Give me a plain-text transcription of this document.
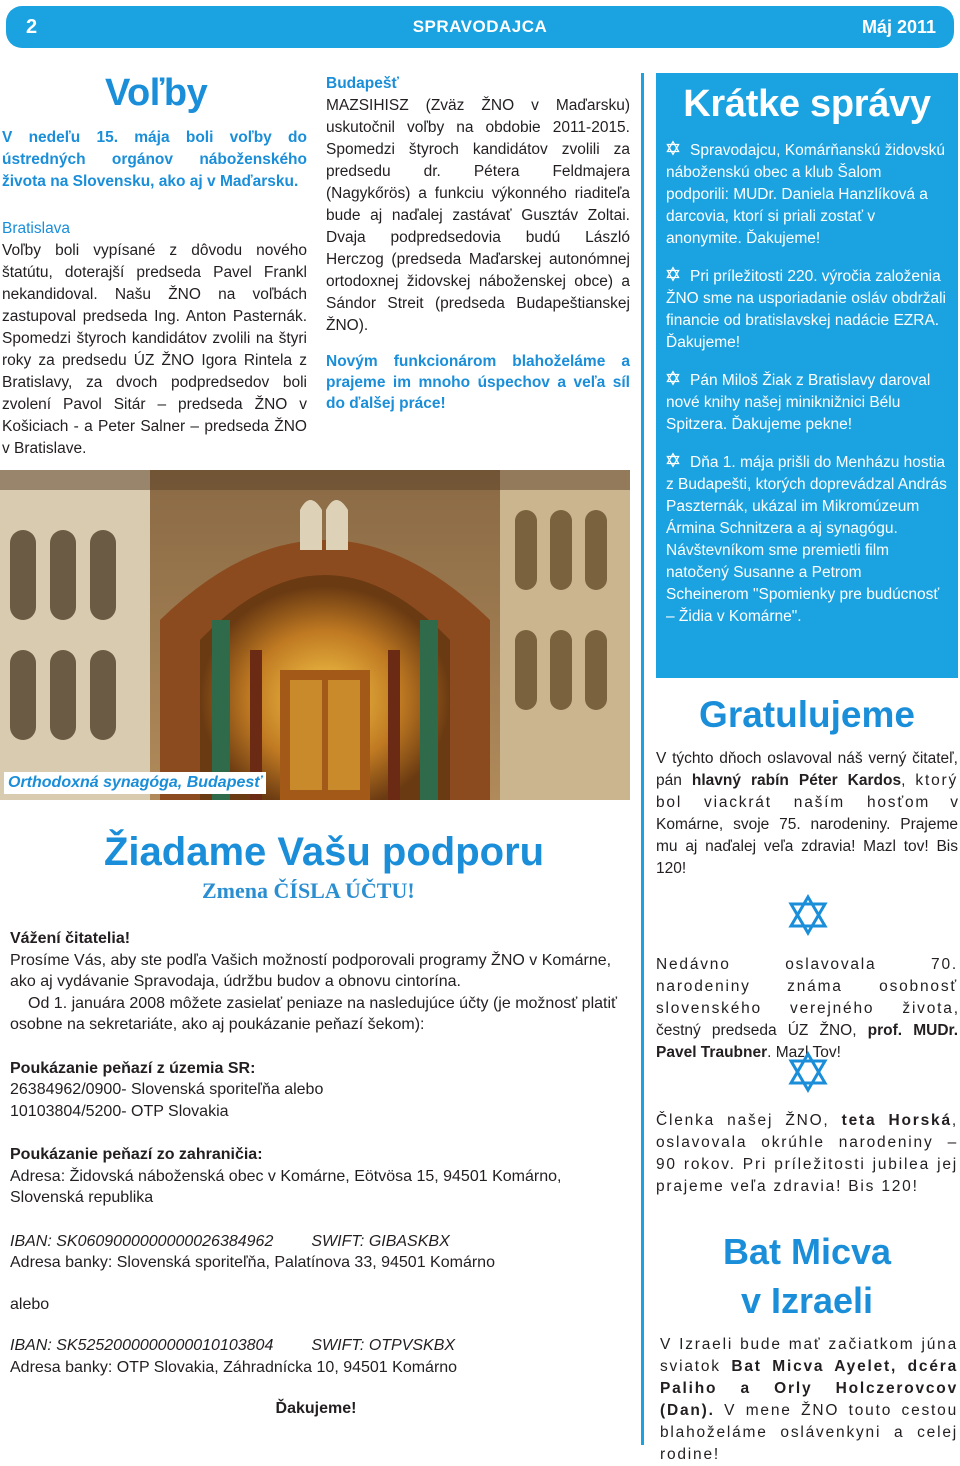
2	SPRAVODAJCA	Máj 2011
Voľby
V nedeľu 15. mája boli voľby do ústredných orgánov náboženského života na Slovensku, ako aj v Maďarsku.
Bratislava
Voľby boli vypísané z dôvodu nového štatútu, doterajší predseda Pavel Frankl nekandidoval. Našu ŽNO na voľbách zastupoval predseda Ing. Anton Pasternák. Spomedzi štyroch kandidátov zvolili na štyri roky za predsedu ÚZ ŽNO Igora Rintela z Bratislavy, za dvoch podpredsedov boli zvolení Pavol Sitár – predseda ŽNO v Košiciach - a Peter Salner – predseda ŽNO v Bratislave.
Budapešť
MAZSIHISZ (Zväz ŽNO v Maďarsku) uskutočnil voľby na obdobie 2011-2015. Spomedzi štyroch kandidátov zvolili za predsedu dr. Pétera Feldmajera (Nagykőrös) a funkciu výkonného riaditeľa bude aj naďalej zastávať Gusztáv Zoltai. Dvaja podpredsedovia budú László Herczog (predseda Maďarskej autonómnej ortodoxnej židovskej náboženskej obce) a Sándor Streit (predseda Budapeštianskej ŽNO).
Novým funkcionárom blahoželáme a prajeme im mnoho úspechov a veľa síl do ďalšej práce!
Krátke správy
Spravodajcu, Komárňanskú židovskú náboženskú obec a klub Šalom podporili: MUDr. Daniela Hanzlíková a darcovia, ktorí si priali zostať v anonymite. Ďakujeme!
Pri príležitosti 220. výročia založenia ŽNO sme na usporiadanie osláv obdržali financie od bratislavskej nadácie EZRA. Ďakujeme!
Pán Miloš Žiak z Bratislavy daroval nové knihy našej miniknižnici Bélu Spitzera. Ďakujeme pekne!
Dňa 1. mája prišli do Menházu hostia z Budapešti, ktorých doprevádzal András Paszternák, ukázal im Mikromúzeum Ármina Schnitzera a aj synagógu. Návštevníkom sme premietli film natočený Susanne a Petrom Scheinerom "Spomienky pre budúcnosť – Židia v Komárne".
Orthodoxná synagóga, Budapesť
Žiadame Vašu podporu
Zmena ČÍSLA ÚČTU!
Vážení čitatelia!
Prosíme Vás, aby ste podľa Vašich možností podporovali programy ŽNO v Komárne, ako aj vydávanie Spravodaja, údržbu budov a obnovu cintorína.
Od 1. januára 2008 môžete zasielať peniaze na nasledujúce účty (je možnosť platiť osobne na sekretariáte, ako aj poukázanie peňazí šekom):
Poukázanie peňazí z územia SR:
26384962/0900- Slovenská sporiteľňa alebo
10103804/5200- OTP Slovakia
Poukázanie peňazí zo zahraničia:
Adresa: Židovská náboženská obec v Komárne, Eötvösa 15, 94501 Komárno, Slovenská republika
IBAN: SK0609000000000026384962 SWIFT: GIBASKBX
Adresa banky: Slovenská sporiteľňa, Palatínova 33, 94501 Komárno
alebo
IBAN: SK5252000000000010103804 SWIFT: OTPVSKBX
Adresa banky: OTP Slovakia, Záhradnícka 10, 94501 Komárno
Ďakujeme!
Gratulujeme
V týchto dňoch oslavoval náš verný čitateľ, pán hlavný rabín Péter Kardos, ktorý bol viackrát naším hosťom v Komárne, svoje 75. narodeniny. Prajeme mu aj naďalej veľa zdravia! Mazl tov! Bis 120!
Nedávno oslavovala 70. narodeniny známa osobnosť slovenského verejného života, čestný predseda ÚZ ŽNO, prof. MUDr. Pavel Traubner. Mazl Tov!
Členka našej ŽNO, teta Horská, oslavovala okrúhle narodeniny – 90 rokov. Pri príležitosti jubilea jej prajeme veľa zdravia! Bis 120!
Bat Micva
v Izraeli
V Izraeli bude mať začiatkom júna sviatok Bat Micva Ayelet, dcéra Paliho a Orly Holczerovcov (Dan). V mene ŽNO touto cestou blahoželáme oslávenkyni a celej rodine!
